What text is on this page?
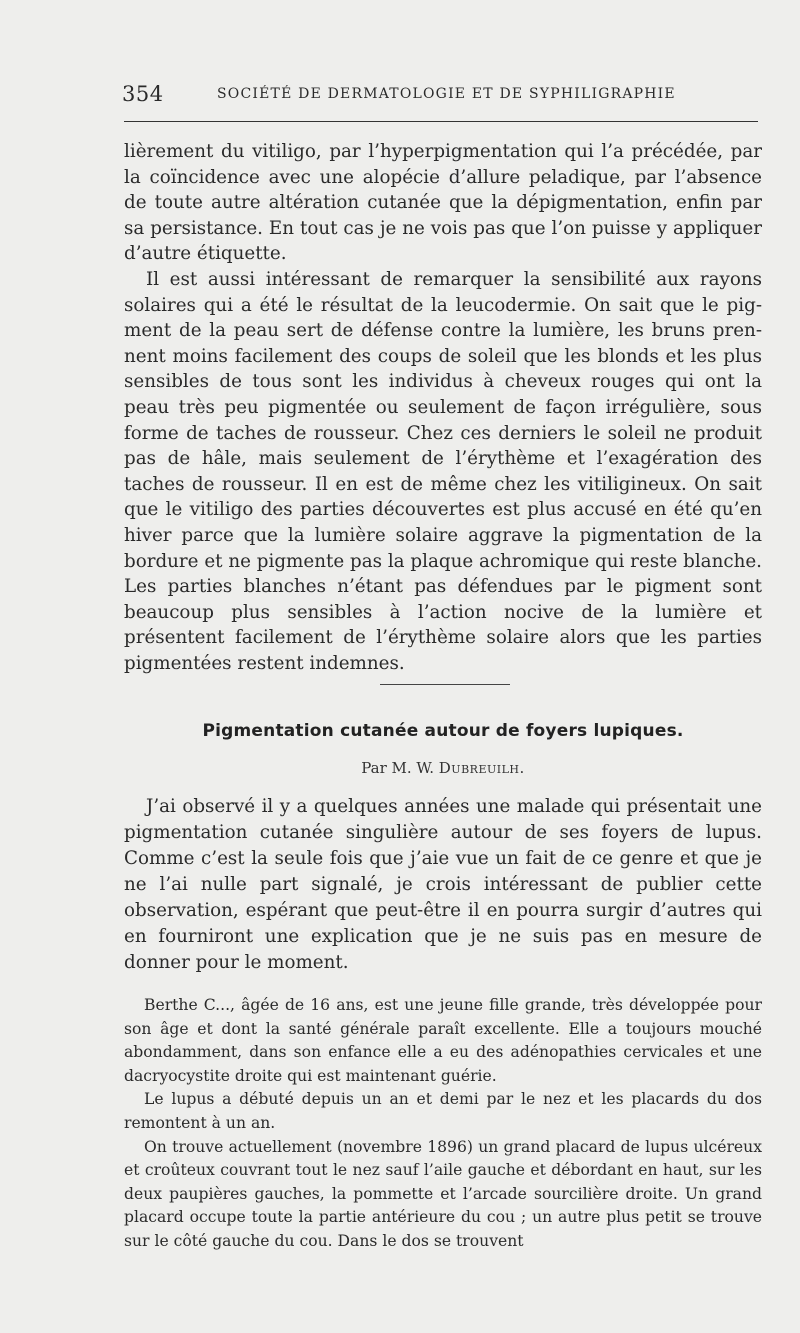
354	SOCIÉTÉ DE DERMATOLOGIE ET DE SYPHILIGRAPHIE

lièrement du vitiligo, par l’hyperpigmentation qui l’a précédée, par la coïncidence avec une alopécie d’allure peladique, par l’absence de toute autre altération cutanée que la dépigmentation, enfin par sa persistance. En tout cas je ne vois pas que l’on puisse y appliquer d’autre étiquette.

Il est aussi intéressant de remarquer la sensibilité aux rayons solaires qui a été le résultat de la leucodermie. On sait que le pigment de la peau sert de défense contre la lumière, les bruns prennent moins facilement des coups de soleil que les blonds et les plus sensibles de tous sont les individus à cheveux rouges qui ont la peau très peu pigmentée ou seulement de façon irrégulière, sous forme de taches de rousseur. Chez ces derniers le soleil ne produit pas de hâle, mais seulement de l’érythème et l’exagération des taches de rousseur. Il en est de même chez les vitiligineux. On sait que le vitiligo des parties découvertes est plus accusé en été qu’en hiver parce que la lumière solaire aggrave la pigmentation de la bordure et ne pigmente pas la plaque achromique qui reste blanche. Les parties blanches n’étant pas défendues par le pigment sont beaucoup plus sensibles à l’action nocive de la lumière et présentent facilement de l’érythème solaire alors que les parties pigmentées restent indemnes.

Pigmentation cutanée autour de foyers lupiques.
Par M. W. Dubreuilh.

J’ai observé il y a quelques années une malade qui présentait une pigmentation cutanée singulière autour de ses foyers de lupus. Comme c’est la seule fois que j’aie vue un fait de ce genre et que je ne l’ai nulle part signalé, je crois intéressant de publier cette observation, espérant que peut-être il en pourra surgir d’autres qui en fourniront une explication que je ne suis pas en mesure de donner pour le moment.

Berthe C..., âgée de 16 ans, est une jeune fille grande, très développée pour son âge et dont la santé générale paraît excellente. Elle a toujours mouché abondamment, dans son enfance elle a eu des adénopathies cervicales et une dacryocystite droite qui est maintenant guérie.

Le lupus a débuté depuis un an et demi par le nez et les placards du dos remontent à un an.

On trouve actuellement (novembre 1896) un grand placard de lupus ulcéreux et croûteux couvrant tout le nez sauf l’aile gauche et débordant en haut, sur les deux paupières gauches, la pommette et l’arcade sourcilière droite. Un grand placard occupe toute la partie antérieure du cou ; un autre plus petit se trouve sur le côté gauche du cou. Dans le dos se trouvent
